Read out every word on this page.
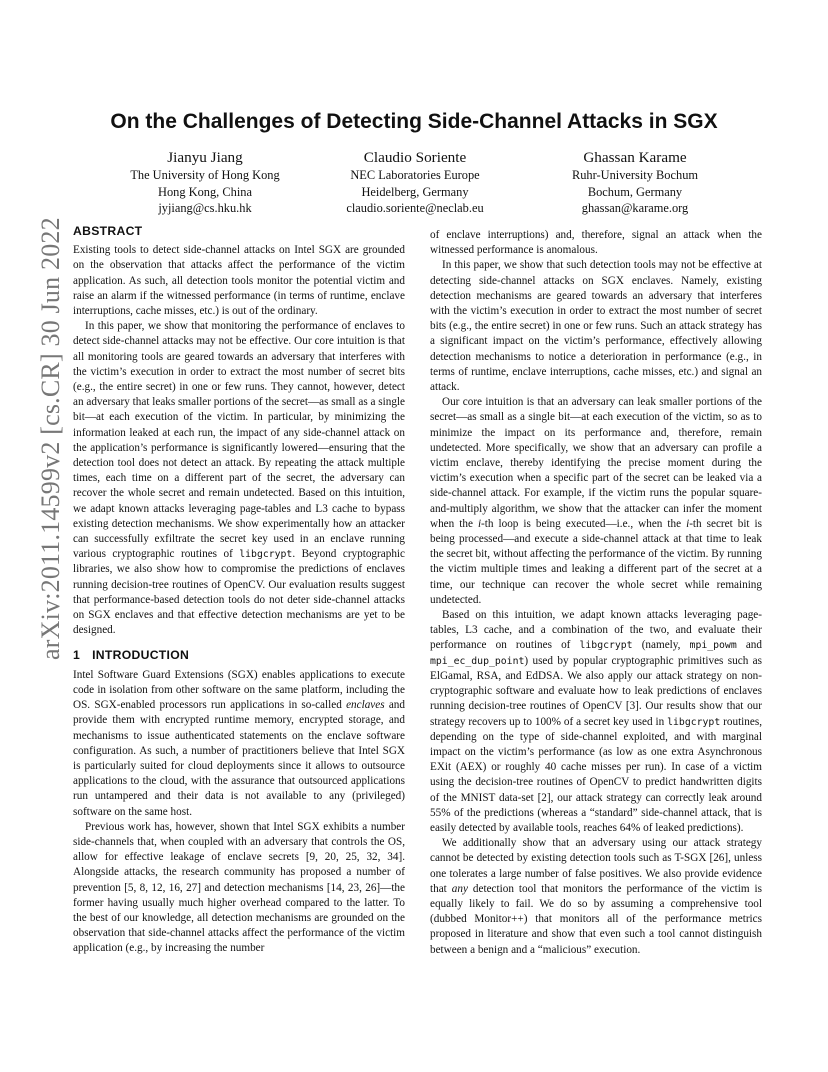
arXiv:2011.14599v2 [cs.CR] 30 Jun 2022
On the Challenges of Detecting Side-Channel Attacks in SGX
Jianyu Jiang
The University of Hong Kong
Hong Kong, China
jyjiang@cs.hku.hk
Claudio Soriente
NEC Laboratories Europe
Heidelberg, Germany
claudio.soriente@neclab.eu
Ghassan Karame
Ruhr-University Bochum
Bochum, Germany
ghassan@karame.org
ABSTRACT

Existing tools to detect side-channel attacks on Intel SGX are grounded on the observation that attacks affect the performance of the victim application. As such, all detection tools monitor the potential victim and raise an alarm if the witnessed performance (in terms of runtime, enclave interruptions, cache misses, etc.) is out of the ordinary.

In this paper, we show that monitoring the performance of enclaves to detect side-channel attacks may not be effective. Our core intuition is that all monitoring tools are geared towards an adversary that interferes with the victim’s execution in order to extract the most number of secret bits (e.g., the entire secret) in one or few runs. They cannot, however, detect an adversary that leaks smaller portions of the secret—as small as a single bit—at each execution of the victim. In particular, by minimizing the information leaked at each run, the impact of any side-channel attack on the application’s performance is significantly lowered—ensuring that the detection tool does not detect an attack. By repeating the attack multiple times, each time on a different part of the secret, the adversary can recover the whole secret and remain undetected. Based on this intuition, we adapt known attacks leveraging page-tables and L3 cache to bypass existing detection mechanisms. We show experimentally how an attacker can successfully exfiltrate the secret key used in an enclave running various cryptographic routines of libgcrypt. Beyond cryptographic libraries, we also show how to compromise the predictions of enclaves running decision-tree routines of OpenCV. Our evaluation results suggest that performance-based detection tools do not deter side-channel attacks on SGX enclaves and that effective detection mechanisms are yet to be designed.

1 INTRODUCTION

Intel Software Guard Extensions (SGX) enables applications to execute code in isolation from other software on the same platform, including the OS. SGX-enabled processors run applications in so-called enclaves and provide them with encrypted runtime memory, encrypted storage, and mechanisms to issue authenticated statements on the enclave software configuration. As such, a number of practitioners believe that Intel SGX is particularly suited for cloud deployments since it allows to outsource applications to the cloud, with the assurance that outsourced applications run untampered and their data is not available to any (privileged) software on the same host.

Previous work has, however, shown that Intel SGX exhibits a number side-channels that, when coupled with an adversary that controls the OS, allow for effective leakage of enclave secrets [9, 20, 25, 32, 34]. Alongside attacks, the research community has proposed a number of prevention [5, 8, 12, 16, 27] and detection mechanisms [14, 23, 26]—the former having usually much higher overhead compared to the latter. To the best of our knowledge, all detection mechanisms are grounded on the observation that side-channel attacks affect the performance of the victim application (e.g., by increasing the number

of enclave interruptions) and, therefore, signal an attack when the witnessed performance is anomalous.

In this paper, we show that such detection tools may not be effective at detecting side-channel attacks on SGX enclaves. Namely, existing detection mechanisms are geared towards an adversary that interferes with the victim’s execution in order to extract the most number of secret bits (e.g., the entire secret) in one or few runs. Such an attack strategy has a significant impact on the victim’s performance, effectively allowing detection mechanisms to notice a deterioration in performance (e.g., in terms of runtime, enclave interruptions, cache misses, etc.) and signal an attack.

Our core intuition is that an adversary can leak smaller portions of the secret—as small as a single bit—at each execution of the victim, so as to minimize the impact on its performance and, therefore, remain undetected. More specifically, we show that an adversary can profile a victim enclave, thereby identifying the precise moment during the victim’s execution when a specific part of the secret can be leaked via a side-channel attack. For example, if the victim runs the popular square-and-multiply algorithm, we show that the attacker can infer the moment when the i-th loop is being executed—i.e., when the i-th secret bit is being processed—and execute a side-channel attack at that time to leak the secret bit, without affecting the performance of the victim. By running the victim multiple times and leaking a different part of the secret at a time, our technique can recover the whole secret while remaining undetected.

Based on this intuition, we adapt known attacks leveraging page-tables, L3 cache, and a combination of the two, and evaluate their performance on routines of libgcrypt (namely, mpi_powm and mpi_ec_dup_point) used by popular cryptographic primitives such as ElGamal, RSA, and EdDSA. We also apply our attack strategy on non-cryptographic software and evaluate how to leak predictions of enclaves running decision-tree routines of OpenCV [3]. Our results show that our strategy recovers up to 100% of a secret key used in libgcrypt routines, depending on the type of side-channel exploited, and with marginal impact on the victim’s performance (as low as one extra Asynchronous EXit (AEX) or roughly 40 cache misses per run). In case of a victim using the decision-tree routines of OpenCV to predict handwritten digits of the MNIST data-set [2], our attack strategy can correctly leak around 55% of the predictions (whereas a “standard” side-channel attack, that is easily detected by available tools, reaches 64% of leaked predictions).

We additionally show that an adversary using our attack strategy cannot be detected by existing detection tools such as T-SGX [26], unless one tolerates a large number of false positives. We also provide evidence that any detection tool that monitors the performance of the victim is equally likely to fail. We do so by assuming a comprehensive tool (dubbed Monitor++) that monitors all of the performance metrics proposed in literature and show that even such a tool cannot distinguish between a benign and a “malicious” execution.
